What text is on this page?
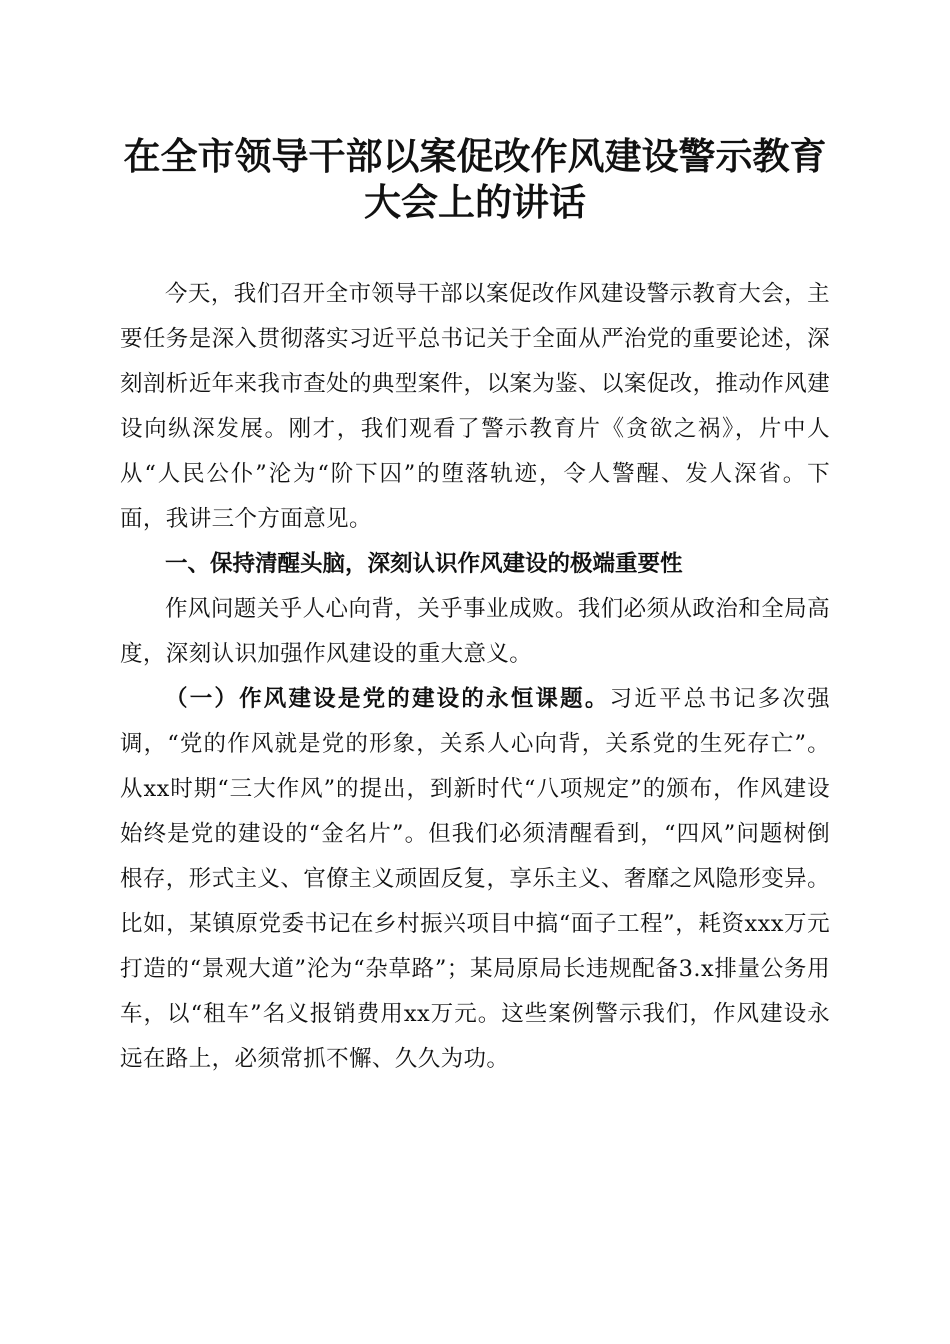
在全市领导干部以案促改作风建设警示教育大会上的讲话

今天，我们召开全市领导干部以案促改作风建设警示教育大会，主要任务是深入贯彻落实习近平总书记关于全面从严治党的重要论述，深刻剖析近年来我市查处的典型案件，以案为鉴、以案促改，推动作风建设向纵深发展。刚才，我们观看了警示教育片《贪欲之祸》，片中人从“人民公仆”沦为“阶下囚”的堕落轨迹，令人警醒、发人深省。下面，我讲三个方面意见。

一、保持清醒头脑，深刻认识作风建设的极端重要性

作风问题关乎人心向背，关乎事业成败。我们必须从政治和全局高度，深刻认识加强作风建设的重大意义。

（一）作风建设是党的建设的永恒课题。习近平总书记多次强调，“党的作风就是党的形象，关系人心向背，关系党的生死存亡”。从xx时期“三大作风”的提出，到新时代“八项规定”的颁布，作风建设始终是党的建设的“金名片”。但我们必须清醒看到，“四风”问题树倒根存，形式主义、官僚主义顽固反复，享乐主义、奢靡之风隐形变异。比如，某镇原党委书记在乡村振兴项目中搞“面子工程”，耗资xxx万元打造的“景观大道”沦为“杂草路”；某局原局长违规配备3.x排量公务用车，以“租车”名义报销费用xx万元。这些案例警示我们，作风建设永远在路上，必须常抓不懈、久久为功。
